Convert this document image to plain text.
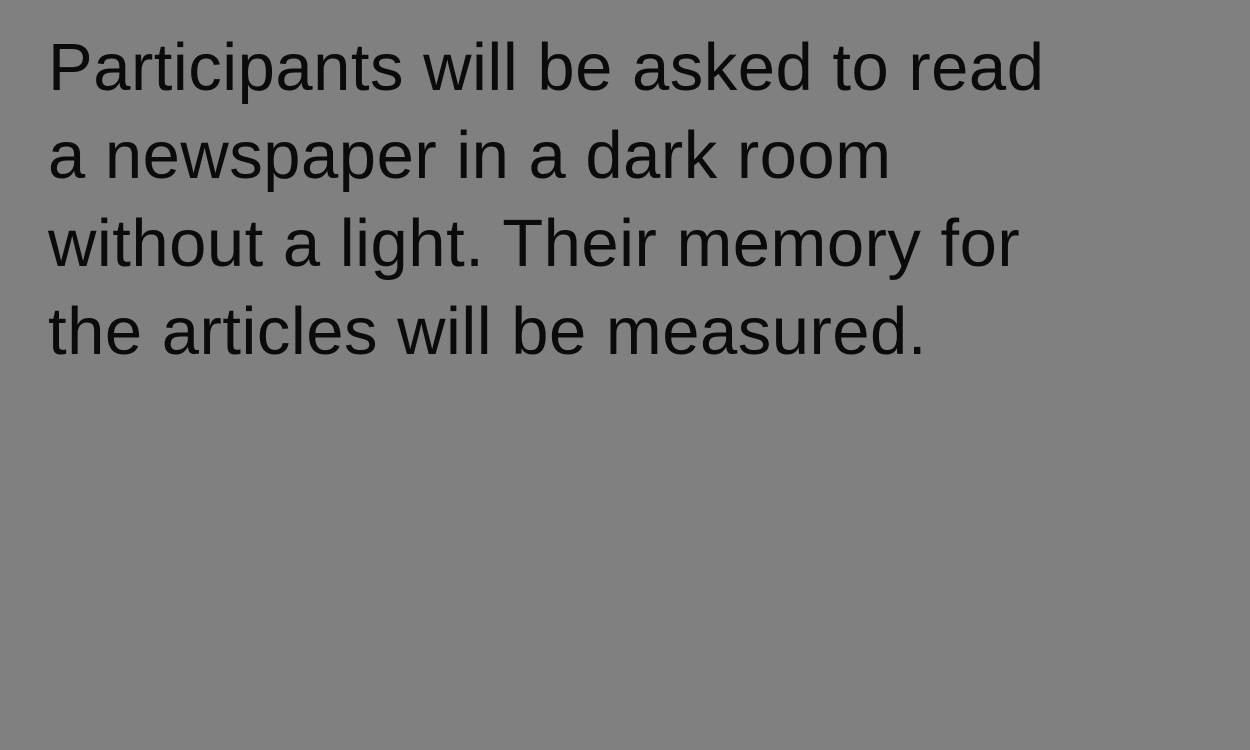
Participants will be asked to read
a newspaper in a dark room
without a light. Their memory for
the articles will be measured.
